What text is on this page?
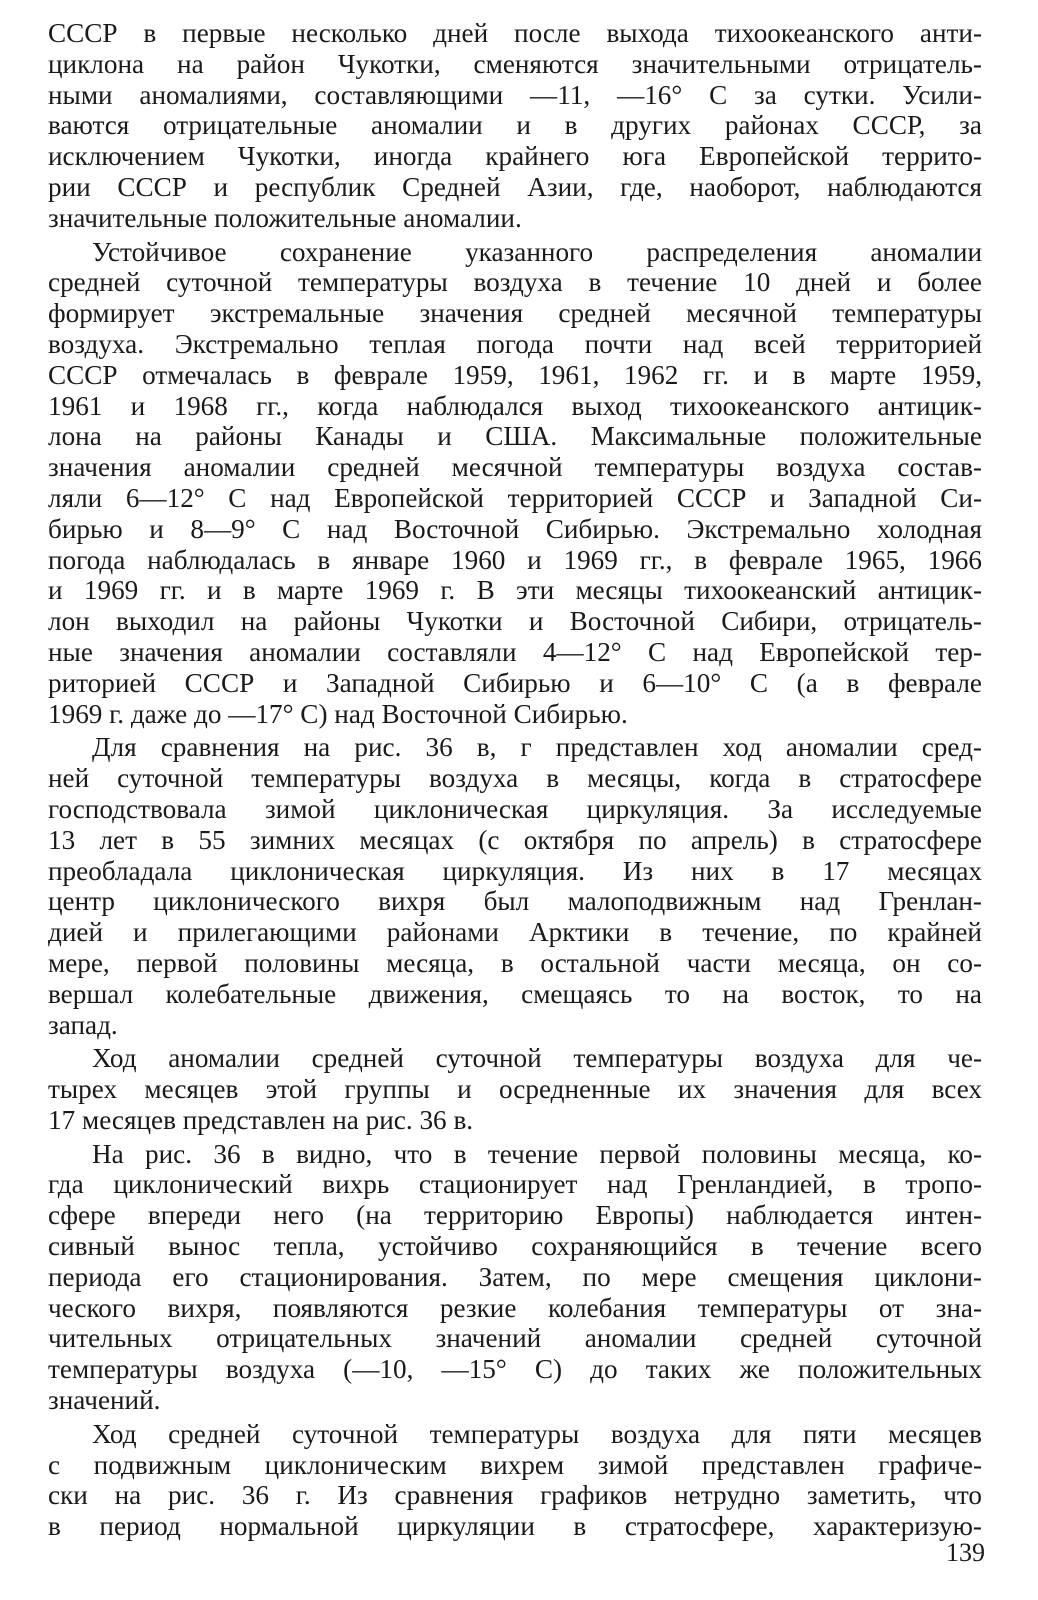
СССР в первые несколько дней после выхода тихоокеанского анти-
циклона на район Чукотки, сменяются значительными отрицатель-
ными аномалиями, составляющими —11, —16° С за сутки. Усили-
ваются отрицательные аномалии и в других районах СССР, за
исключением Чукотки, иногда крайнего юга Европейской террито-
рии СССР и республик Средней Азии, где, наоборот, наблюдаются
значительные положительные аномалии.

Устойчивое сохранение указанного распределения аномалии
средней суточной температуры воздуха в течение 10 дней и более
формирует экстремальные значения средней месячной температуры
воздуха. Экстремально теплая погода почти над всей территорией
СССР отмечалась в феврале 1959, 1961, 1962 гг. и в марте 1959,
1961 и 1968 гг., когда наблюдался выход тихоокеанского антицик-
лона на районы Канады и США. Максимальные положительные
значения аномалии средней месячной температуры воздуха состав-
ляли 6—12° С над Европейской территорией СССР и Западной Си-
бирью и 8—9° С над Восточной Сибирью. Экстремально холодная
погода наблюдалась в январе 1960 и 1969 гг., в феврале 1965, 1966
и 1969 гг. и в марте 1969 г. В эти месяцы тихоокеанский антицик-
лон выходил на районы Чукотки и Восточной Сибири, отрицатель-
ные значения аномалии составляли 4—12° С над Европейской тер-
риторией СССР и Западной Сибирью и 6—10° С (а в феврале
1969 г. даже до —17° С) над Восточной Сибирью.

Для сравнения на рис. 36 в, г представлен ход аномалии сред-
ней суточной температуры воздуха в месяцы, когда в стратосфере
господствовала зимой циклоническая циркуляция. За исследуемые
13 лет в 55 зимних месяцах (с октября по апрель) в стратосфере
преобладала циклоническая циркуляция. Из них в 17 месяцах
центр циклонического вихря был малоподвижным над Гренлан-
дией и прилегающими районами Арктики в течение, по крайней
мере, первой половины месяца, в остальной части месяца, он со-
вершал колебательные движения, смещаясь то на восток, то на
запад.

Ход аномалии средней суточной температуры воздуха для че-
тырех месяцев этой группы и осредненные их значения для всех
17 месяцев представлен на рис. 36 в.

На рис. 36 в видно, что в течение первой половины месяца, ко-
гда циклонический вихрь стационирует над Гренландией, в тропо-
сфере впереди него (на территорию Европы) наблюдается интен-
сивный вынос тепла, устойчиво сохраняющийся в течение всего
периода его стационирования. Затем, по мере смещения циклони-
ческого вихря, появляются резкие колебания температуры от зна-
чительных отрицательных значений аномалии средней суточной
температуры воздуха (—10, —15° С) до таких же положительных
значений.

Ход средней суточной температуры воздуха для пяти месяцев
с подвижным циклоническим вихрем зимой представлен графиче-
ски на рис. 36 г. Из сравнения графиков нетрудно заметить, что
в период нормальной циркуляции в стратосфере, характеризую-

139
